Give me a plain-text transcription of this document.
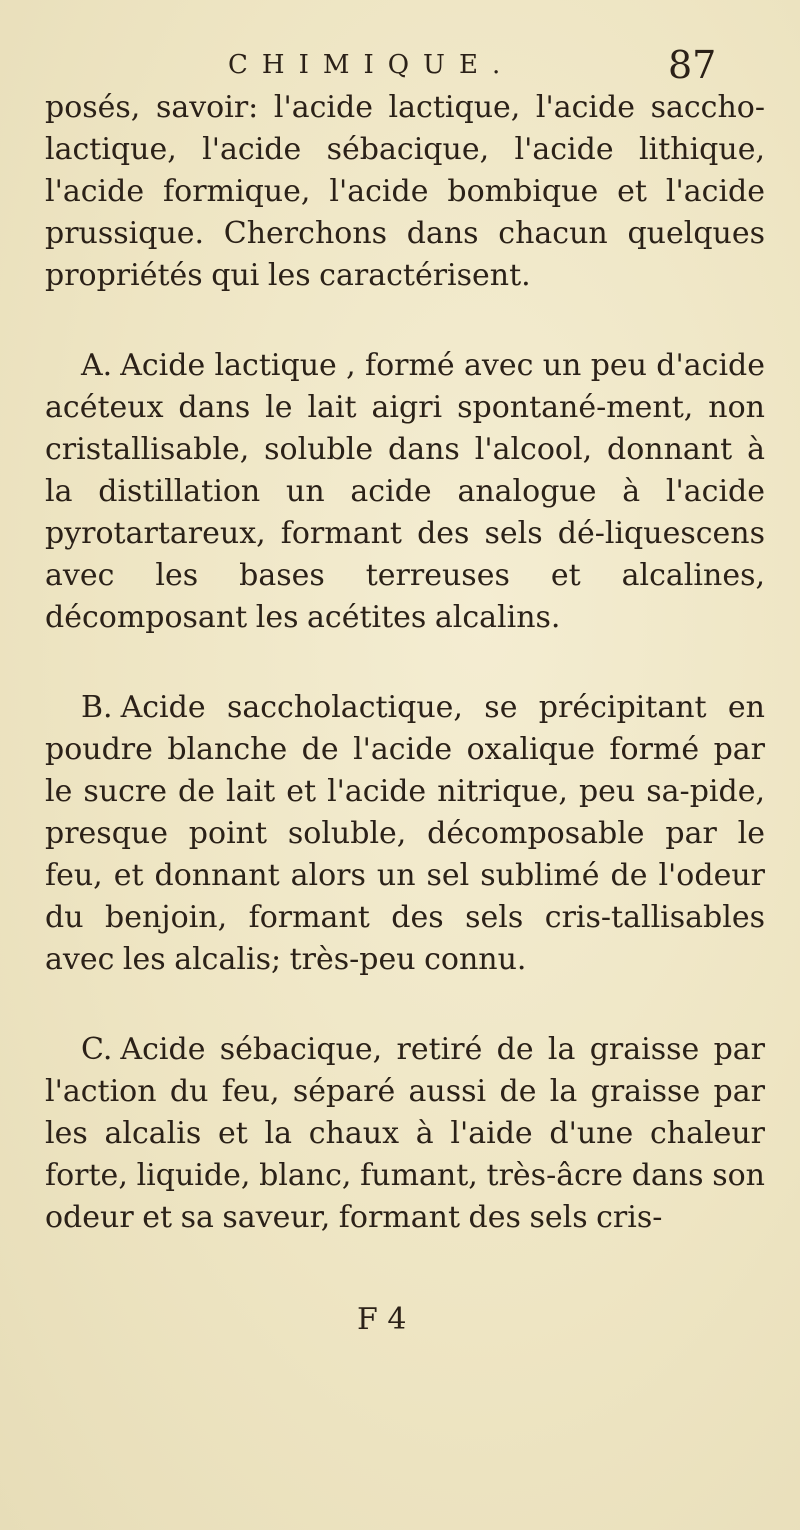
CHIMIQUE.	87

posés, savoir: l'acide lactique, l'acide saccho-lactique, l'acide sébacique, l'acide lithique, l'acide formique, l'acide bombique et l'acide prussique. Cherchons dans chacun quelques propriétés qui les caractérisent.

A. Acide lactique , formé avec un peu d'acide acéteux dans le lait aigri spontané-ment, non cristallisable, soluble dans l'alcool, donnant à la distillation un acide analogue à l'acide pyrotartareux, formant des sels dé-liquescens avec les bases terreuses et alcalines, décomposant les acétites alcalins.

B. Acide saccholactique, se précipitant en poudre blanche de l'acide oxalique formé par le sucre de lait et l'acide nitrique, peu sa-pide, presque point soluble, décomposable par le feu, et donnant alors un sel sublimé de l'odeur du benjoin, formant des sels cris-tallisables avec les alcalis; très-peu connu.

C. Acide sébacique, retiré de la graisse par l'action du feu, séparé aussi de la graisse par les alcalis et la chaux à l'aide d'une chaleur forte, liquide, blanc, fumant, très-âcre dans son odeur et sa saveur, formant des sels cris-

F 4
